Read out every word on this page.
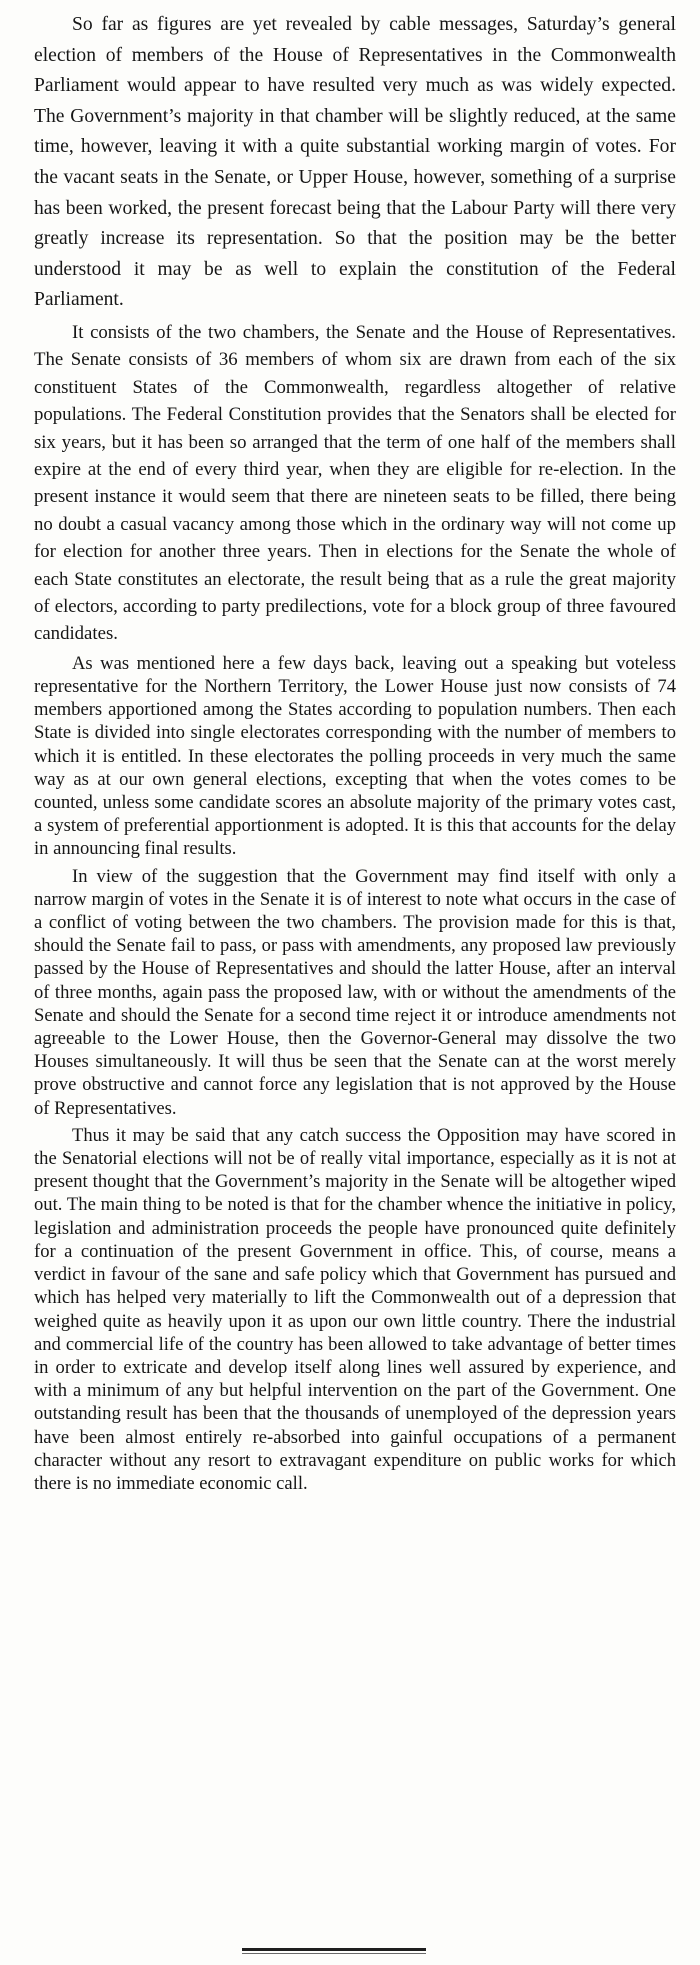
So far as figures are yet revealed by cable messages, Saturday’s general election of members of the House of Representatives in the Commonwealth Parliament would appear to have resulted very much as was widely expected. The Government’s majority in that chamber will be slightly reduced, at the same time, however, leaving it with a quite substantial working margin of votes. For the vacant seats in the Senate, or Upper House, however, something of a surprise has been worked, the present forecast being that the Labour Party will there very greatly increase its representation. So that the position may be the better understood it may be as well to explain the constitution of the Federal Parliament.

It consists of the two chambers, the Senate and the House of Representatives. The Senate consists of 36 members of whom six are drawn from each of the six constituent States of the Commonwealth, regardless altogether of relative populations. The Federal Constitution provides that the Senators shall be elected for six years, but it has been so arranged that the term of one half of the members shall expire at the end of every third year, when they are eligible for re-election. In the present instance it would seem that there are nineteen seats to be filled, there being no doubt a casual vacancy among those which in the ordinary way will not come up for election for another three years. Then in elections for the Senate the whole of each State constitutes an electorate, the result being that as a rule the great majority of electors, according to party predilections, vote for a block group of three favoured candidates.

As was mentioned here a few days back, leaving out a speaking but voteless representative for the Northern Territory, the Lower House just now consists of 74 members apportioned among the States according to population numbers. Then each State is divided into single electorates corresponding with the number of members to which it is entitled. In these electorates the polling proceeds in very much the same way as at our own general elections, excepting that when the votes comes to be counted, unless some candidate scores an absolute majority of the primary votes cast, a system of preferential apportionment is adopted. It is this that accounts for the delay in announcing final results.

In view of the suggestion that the Government may find itself with only a narrow margin of votes in the Senate it is of interest to note what occurs in the case of a conflict of voting between the two chambers. The provision made for this is that, should the Senate fail to pass, or pass with amendments, any proposed law previously passed by the House of Representatives and should the latter House, after an interval of three months, again pass the proposed law, with or without the amendments of the Senate and should the Senate for a second time reject it or introduce amendments not agreeable to the Lower House, then the Governor-General may dissolve the two Houses simultaneously. It will thus be seen that the Senate can at the worst merely prove obstructive and cannot force any legislation that is not approved by the House of Representatives.

Thus it may be said that any catch success the Opposition may have scored in the Senatorial elections will not be of really vital importance, especially as it is not at present thought that the Government’s majority in the Senate will be altogether wiped out. The main thing to be noted is that for the chamber whence the initiative in policy, legislation and administration proceeds the people have pronounced quite definitely for a continuation of the present Government in office. This, of course, means a verdict in favour of the sane and safe policy which that Government has pursued and which has helped very materially to lift the Commonwealth out of a depression that weighed quite as heavily upon it as upon our own little country. There the industrial and commercial life of the country has been allowed to take advantage of better times in order to extricate and develop itself along lines well assured by experience, and with a minimum of any but helpful intervention on the part of the Government. One outstanding result has been that the thousands of unemployed of the depression years have been almost entirely re-absorbed into gainful occupations of a permanent character without any resort to extravagant expenditure on public works for which there is no immediate economic call.
